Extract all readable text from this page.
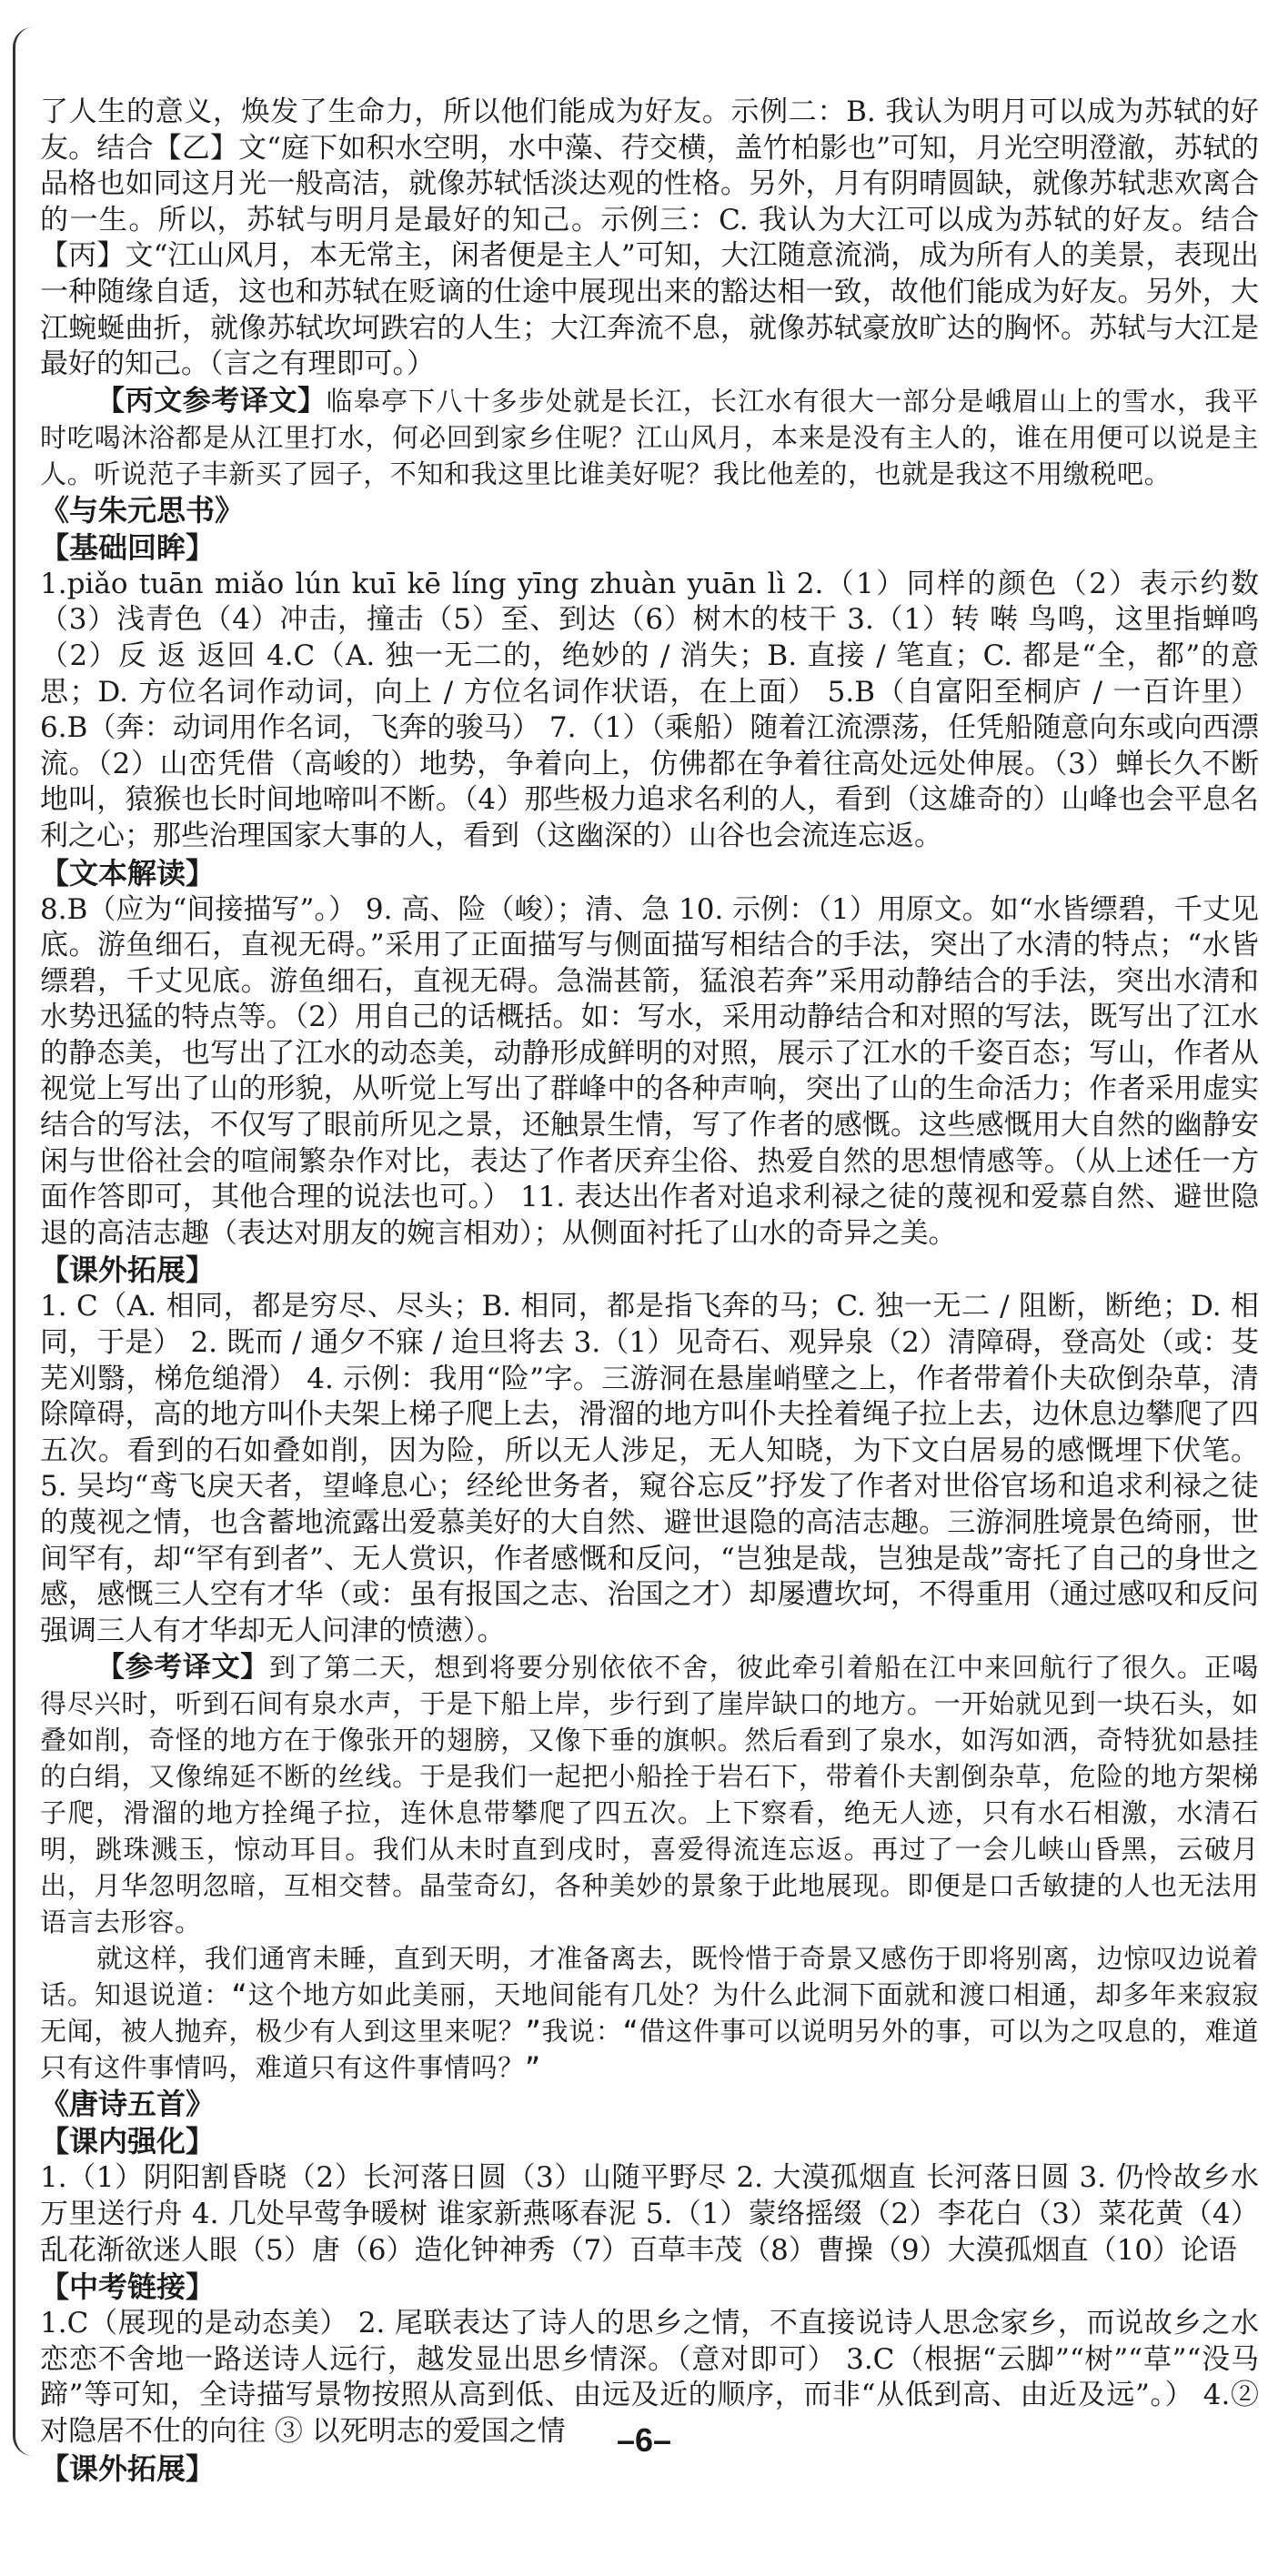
了人生的意义，焕发了生命力，所以他们能成为好友。示例二：B. 我认为明月可以成为苏轼的好友。结合【乙】文“庭下如积水空明，水中藻、荇交横，盖竹柏影也”可知，月光空明澄澈，苏轼的品格也如同这月光一般高洁，就像苏轼恬淡达观的性格。另外，月有阴晴圆缺，就像苏轼悲欢离合的一生。所以，苏轼与明月是最好的知己。示例三：C. 我认为大江可以成为苏轼的好友。结合【丙】文“江山风月，本无常主，闲者便是主人”可知，大江随意流淌，成为所有人的美景，表现出一种随缘自适，这也和苏轼在贬谪的仕途中展现出来的豁达相一致，故他们能成为好友。另外，大江蜿蜒曲折，就像苏轼坎坷跌宕的人生；大江奔流不息，就像苏轼豪放旷达的胸怀。苏轼与大江是最好的知己。（言之有理即可。）

【丙文参考译文】临皋亭下八十多步处就是长江，长江水有很大一部分是峨眉山上的雪水，我平时吃喝沐浴都是从江里打水，何必回到家乡住呢？江山风月，本来是没有主人的，谁在用便可以说是主人。听说范子丰新买了园子，不知和我这里比谁美好呢？我比他差的，也就是我这不用缴税吧。

《与朱元思书》

【基础回眸】

1.piǎo tuān miǎo lún kuī kē líng yīng zhuàn yuān lì 2.（1）同样的颜色（2）表示约数（3）浅青色（4）冲击，撞击（5）至、到达（6）树木的枝干 3.（1）转 啭 鸟鸣，这里指蝉鸣（2）反 返 返回 4.C（A. 独一无二的，绝妙的 / 消失；B. 直接 / 笔直；C. 都是“全，都”的意思；D. 方位名词作动词，向上 / 方位名词作状语，在上面） 5.B（自富阳至桐庐 / 一百许里） 6.B（奔：动词用作名词，飞奔的骏马） 7.（1）（乘船）随着江流漂荡，任凭船随意向东或向西漂流。（2）山峦凭借（高峻的）地势，争着向上，仿佛都在争着往高处远处伸展。（3）蝉长久不断地叫，猿猴也长时间地啼叫不断。（4）那些极力追求名利的人，看到（这雄奇的）山峰也会平息名利之心；那些治理国家大事的人，看到（这幽深的）山谷也会流连忘返。

【文本解读】

8.B（应为“间接描写”。） 9. 高、险（峻）；清、急 10. 示例：（1）用原文。如“水皆缥碧，千丈见底。游鱼细石，直视无碍。”采用了正面描写与侧面描写相结合的手法，突出了水清的特点；“水皆缥碧，千丈见底。游鱼细石，直视无碍。急湍甚箭，猛浪若奔”采用动静结合的手法，突出水清和水势迅猛的特点等。（2）用自己的话概括。如：写水，采用动静结合和对照的写法，既写出了江水的静态美，也写出了江水的动态美，动静形成鲜明的对照，展示了江水的千姿百态；写山，作者从视觉上写出了山的形貌，从听觉上写出了群峰中的各种声响，突出了山的生命活力；作者采用虚实结合的写法，不仅写了眼前所见之景，还触景生情，写了作者的感慨。这些感慨用大自然的幽静安闲与世俗社会的喧闹繁杂作对比，表达了作者厌弃尘俗、热爱自然的思想情感等。（从上述任一方面作答即可，其他合理的说法也可。） 11. 表达出作者对追求利禄之徒的蔑视和爱慕自然、避世隐退的高洁志趣（表达对朋友的婉言相劝）；从侧面衬托了山水的奇异之美。

【课外拓展】

1. C（A. 相同，都是穷尽、尽头；B. 相同，都是指飞奔的马；C. 独一无二 / 阻断，断绝；D. 相同，于是） 2. 既而 / 通夕不寐 / 迨旦将去 3.（1）见奇石、观异泉（2）清障碍，登高处（或：芟芜刈翳，梯危缒滑） 4. 示例：我用“险”字。三游洞在悬崖峭壁之上，作者带着仆夫砍倒杂草，清除障碍，高的地方叫仆夫架上梯子爬上去，滑溜的地方叫仆夫拴着绳子拉上去，边休息边攀爬了四五次。看到的石如叠如削，因为险，所以无人涉足，无人知晓，为下文白居易的感慨埋下伏笔。 5. 吴均“鸢飞戾天者，望峰息心；经纶世务者，窥谷忘反”抒发了作者对世俗官场和追求利禄之徒的蔑视之情，也含蓄地流露出爱慕美好的大自然、避世退隐的高洁志趣。三游洞胜境景色绮丽，世间罕有，却“罕有到者”、无人赏识，作者感慨和反问，“岂独是哉，岂独是哉”寄托了自己的身世之感，感慨三人空有才华（或：虽有报国之志、治国之才）却屡遭坎坷，不得重用（通过感叹和反问强调三人有才华却无人问津的愤懑）。

【参考译文】到了第二天，想到将要分别依依不舍，彼此牵引着船在江中来回航行了很久。正喝得尽兴时，听到石间有泉水声，于是下船上岸，步行到了崖岸缺口的地方。一开始就见到一块石头，如叠如削，奇怪的地方在于像张开的翅膀，又像下垂的旗帜。然后看到了泉水，如泻如洒，奇特犹如悬挂的白绢，又像绵延不断的丝线。于是我们一起把小船拴于岩石下，带着仆夫割倒杂草，危险的地方架梯子爬，滑溜的地方拴绳子拉，连休息带攀爬了四五次。上下察看，绝无人迹，只有水石相激，水清石明，跳珠溅玉，惊动耳目。我们从未时直到戌时，喜爱得流连忘返。再过了一会儿峡山昏黑，云破月出，月华忽明忽暗，互相交替。晶莹奇幻，各种美妙的景象于此地展现。即便是口舌敏捷的人也无法用语言去形容。

就这样，我们通宵未睡，直到天明，才准备离去，既怜惜于奇景又感伤于即将别离，边惊叹边说着话。知退说道：“这个地方如此美丽，天地间能有几处？为什么此洞下面就和渡口相通，却多年来寂寂无闻，被人抛弃，极少有人到这里来呢？”我说：“借这件事可以说明另外的事，可以为之叹息的，难道只有这件事情吗，难道只有这件事情吗？”

《唐诗五首》

【课内强化】

1.（1）阴阳割昏晓（2）长河落日圆（3）山随平野尽 2. 大漠孤烟直 长河落日圆 3. 仍怜故乡水 万里送行舟 4. 几处早莺争暖树 谁家新燕啄春泥 5.（1）蒙络摇缀（2）李花白（3）菜花黄（4）乱花渐欲迷人眼（5）唐（6）造化钟神秀（7）百草丰茂（8）曹操（9）大漠孤烟直（10）论语

【中考链接】

1.C（展现的是动态美） 2. 尾联表达了诗人的思乡之情，不直接说诗人思念家乡，而说故乡之水恋恋不舍地一路送诗人远行，越发显出思乡情深。（意对即可） 3.C（根据“云脚”“树”“草”“没马蹄”等可知，全诗描写景物按照从高到低、由远及近的顺序，而非“从低到高、由近及远”。） 4.② 对隐居不仕的向往 ③ 以死明志的爱国之情

【课外拓展】

–6–
